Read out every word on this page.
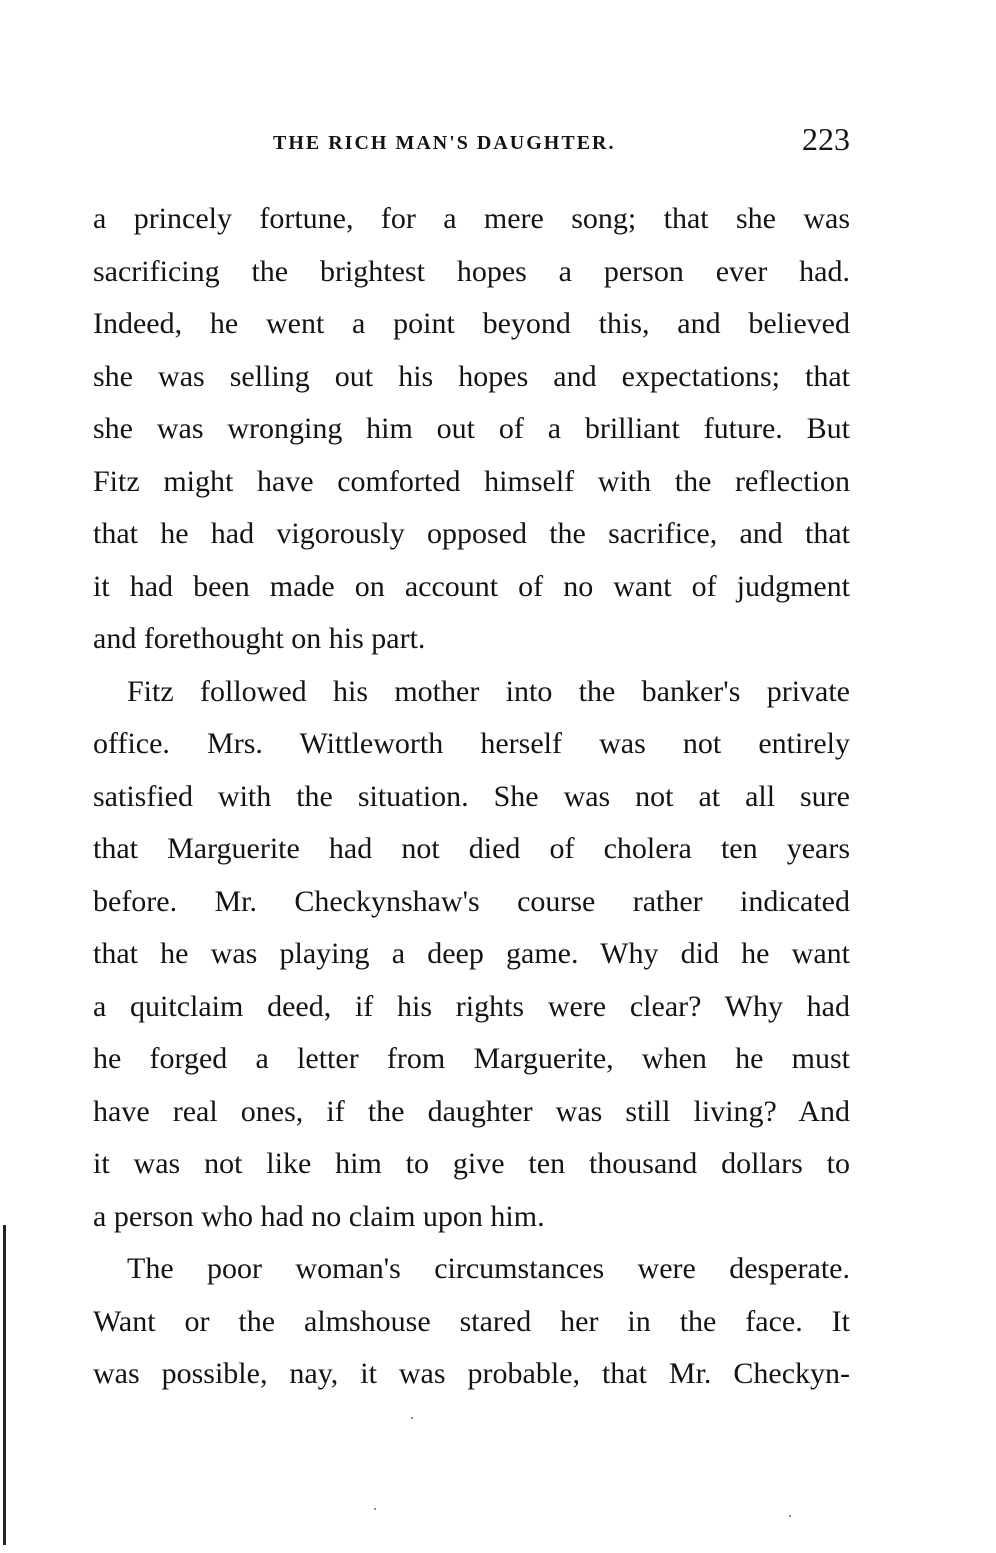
THE RICH MAN'S DAUGHTER.	223
a princely fortune, for a mere song; that she was
sacrificing the brightest hopes a person ever had.
Indeed, he went a point beyond this, and believed
she was selling out his hopes and expectations; that
she was wronging him out of a brilliant future. But
Fitz might have comforted himself with the reflection
that he had vigorously opposed the sacrifice, and that
it had been made on account of no want of judgment
and forethought on his part.
Fitz followed his mother into the banker's private
office. Mrs. Wittleworth herself was not entirely
satisfied with the situation. She was not at all sure
that Marguerite had not died of cholera ten years
before. Mr. Checkynshaw's course rather indicated
that he was playing a deep game. Why did he want
a quitclaim deed, if his rights were clear? Why had
he forged a letter from Marguerite, when he must
have real ones, if the daughter was still living? And
it was not like him to give ten thousand dollars to
a person who had no claim upon him.
The poor woman's circumstances were desperate.
Want or the almshouse stared her in the face. It
was possible, nay, it was probable, that Mr. Checkyn-
